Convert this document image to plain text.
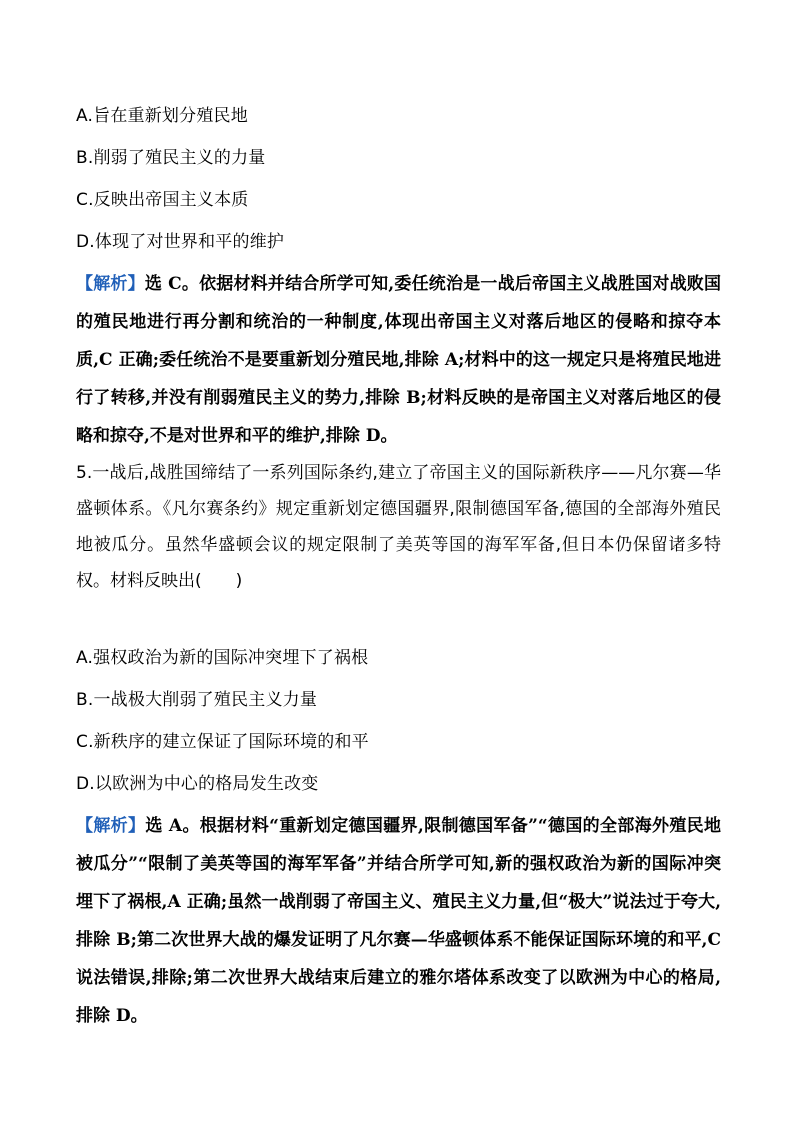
A.旨在重新划分殖民地
B.削弱了殖民主义的力量
C.反映出帝国主义本质
D.体现了对世界和平的维护
【解析】选 C。依据材料并结合所学可知,委任统治是一战后帝国主义战胜国对战败国的殖民地进行再分割和统治的一种制度,体现出帝国主义对落后地区的侵略和掠夺本质,C 正确;委任统治不是要重新划分殖民地,排除 A;材料中的这一规定只是将殖民地进行了转移,并没有削弱殖民主义的势力,排除 B;材料反映的是帝国主义对落后地区的侵略和掠夺,不是对世界和平的维护,排除 D。
5.一战后,战胜国缔结了一系列国际条约,建立了帝国主义的国际新秩序——凡尔赛—华盛顿体系。《凡尔赛条约》规定重新划定德国疆界,限制德国军备,德国的全部海外殖民地被瓜分。虽然华盛顿会议的规定限制了美英等国的海军军备,但日本仍保留诸多特权。材料反映出(　　)
A.强权政治为新的国际冲突埋下了祸根
B.一战极大削弱了殖民主义力量
C.新秩序的建立保证了国际环境的和平
D.以欧洲为中心的格局发生改变
【解析】选 A。根据材料“重新划定德国疆界,限制德国军备”“德国的全部海外殖民地被瓜分”“限制了美英等国的海军军备”并结合所学可知,新的强权政治为新的国际冲突埋下了祸根,A 正确;虽然一战削弱了帝国主义、殖民主义力量,但“极大”说法过于夸大,排除 B;第二次世界大战的爆发证明了凡尔赛—华盛顿体系不能保证国际环境的和平,C 说法错误,排除;第二次世界大战结束后建立的雅尔塔体系改变了以欧洲为中心的格局,排除 D。
